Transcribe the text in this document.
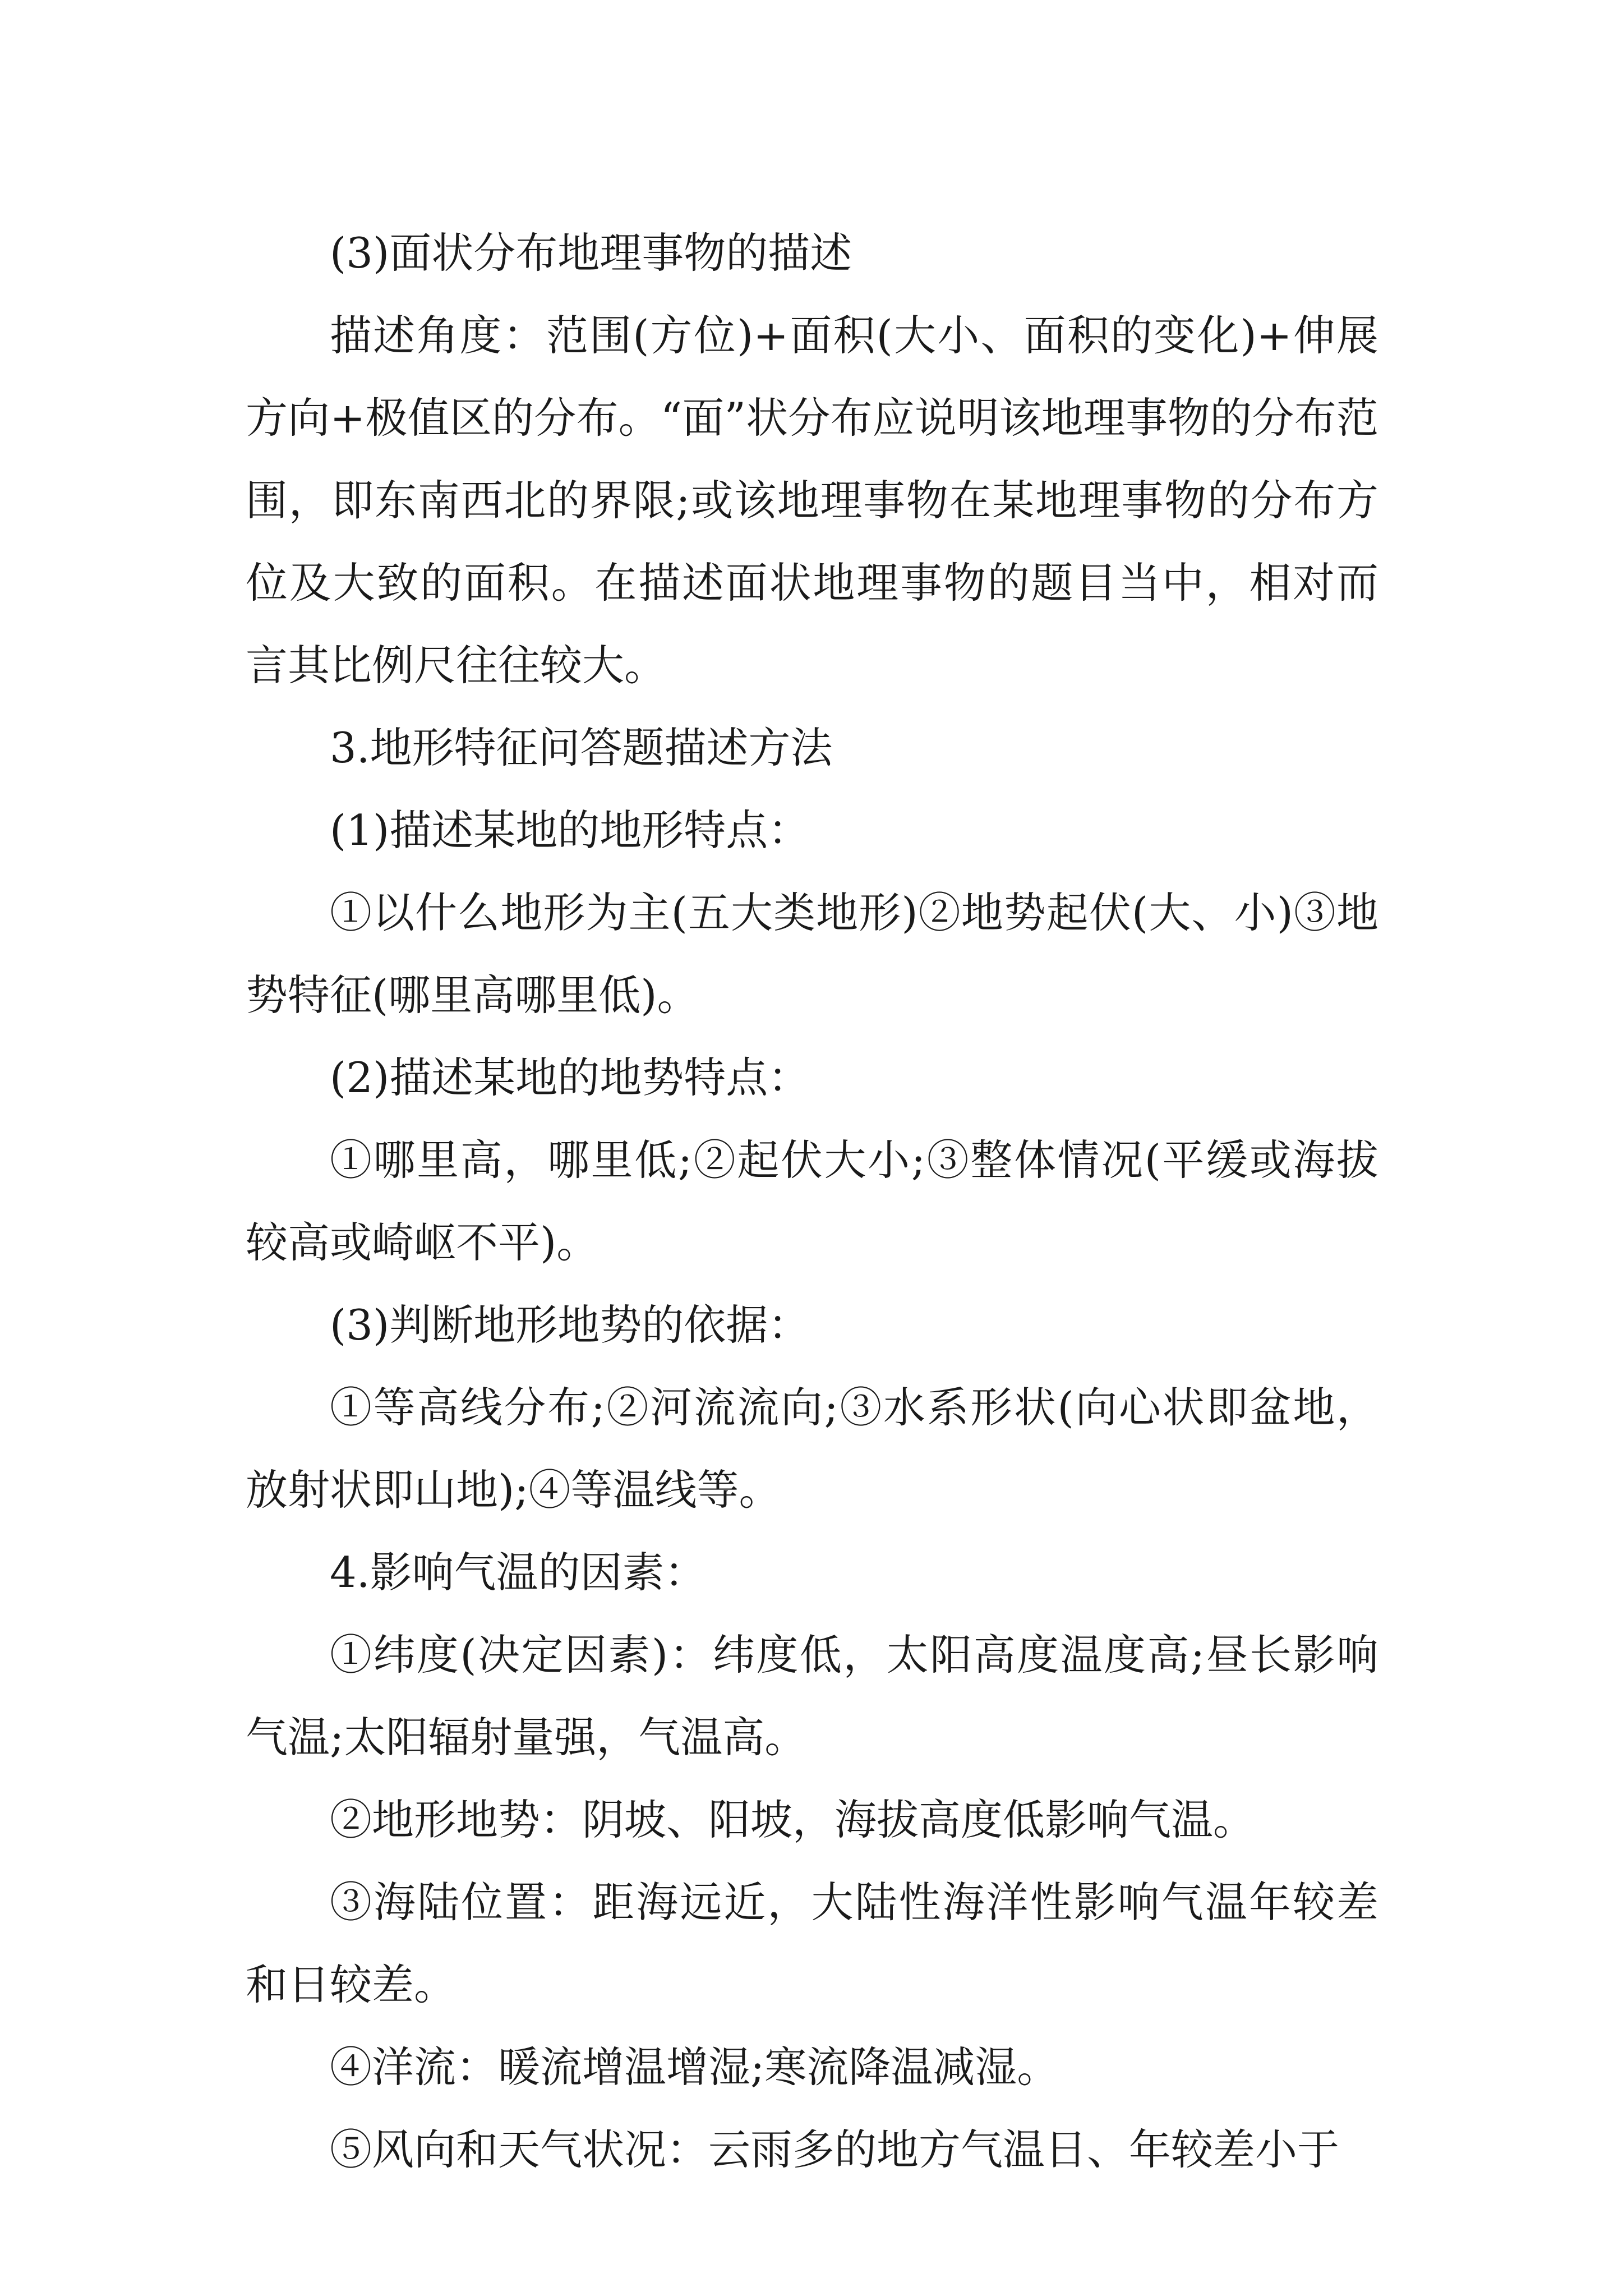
(3)面状分布地理事物的描述

描述角度：范围(方位)+面积(大小、面积的变化)+伸展方向+极值区的分布。“面”状分布应说明该地理事物的分布范围，即东南西北的界限;或该地理事物在某地理事物的分布方位及大致的面积。在描述面状地理事物的题目当中，相对而言其比例尺往往较大。

3.地形特征问答题描述方法

(1)描述某地的地形特点：

①以什么地形为主(五大类地形)②地势起伏(大、小)③地势特征(哪里高哪里低)。

(2)描述某地的地势特点：

①哪里高，哪里低;②起伏大小;③整体情况(平缓或海拔较高或崎岖不平)。

(3)判断地形地势的依据：

①等高线分布;②河流流向;③水系形状(向心状即盆地，放射状即山地);④等温线等。

4.影响气温的因素：

①纬度(决定因素)：纬度低，太阳高度温度高;昼长影响气温;太阳辐射量强，气温高。

②地形地势：阴坡、阳坡，海拔高度低影响气温。

③海陆位置：距海远近，大陆性海洋性影响气温年较差和日较差。

④洋流：暖流增温增湿;寒流降温减湿。

⑤风向和天气状况：云雨多的地方气温日、年较差小于
